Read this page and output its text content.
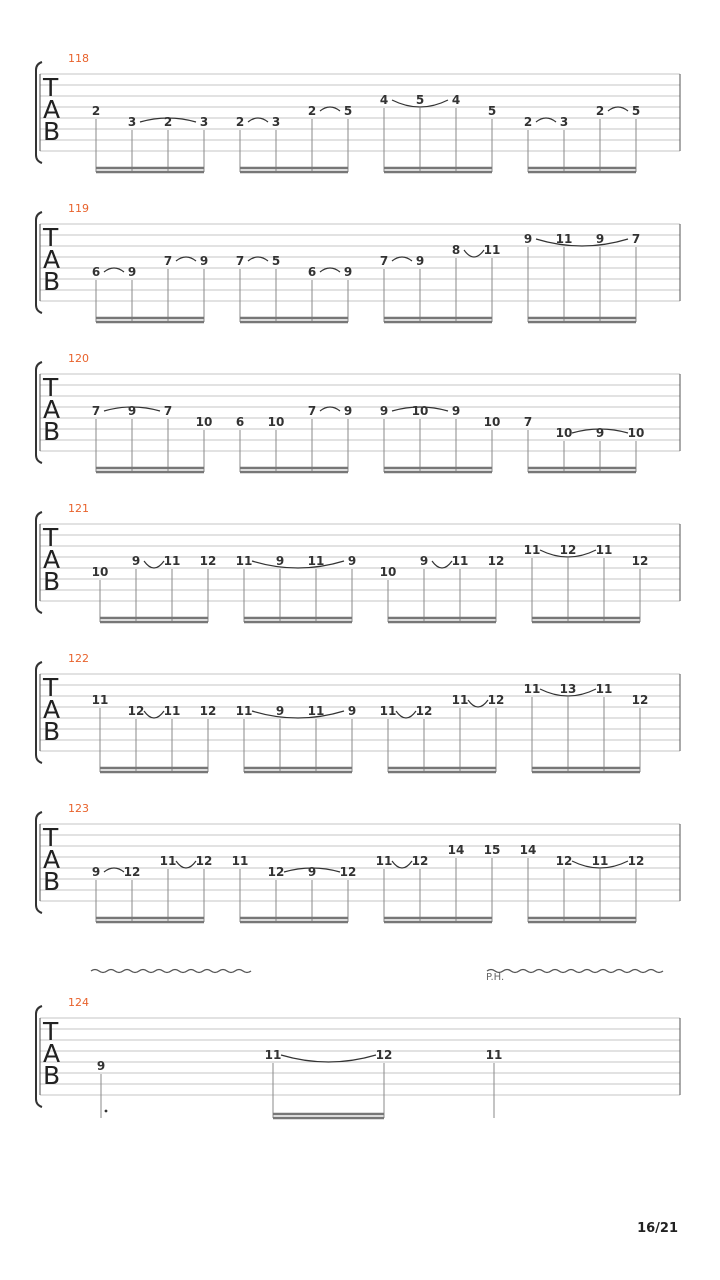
P.H.
118
T
A
B
2
3 2 3 2 3
2 5
4 5 4
5
2 3
2 5
119
T
A
B	6 9
7 9 7 5
6 9
7 9
8 11
9 11 9 7
120
T
A
B
7 9 7
10 6 10
7 9 9 10 9
10 7
10 9 10
121
T
A
B	10
9 11 12 11 9 11 9
10
9 11 12
11 12 11
12
122
T
A
B
11
12 11 12 11 9 11 9 11 12
11 12
11 13 11
12
123
T
A
B	9 12
11 12 11
12 9 12
11 12
14 15 14
12 11 12
124
T
A
B	9
11	12	11
16/21
